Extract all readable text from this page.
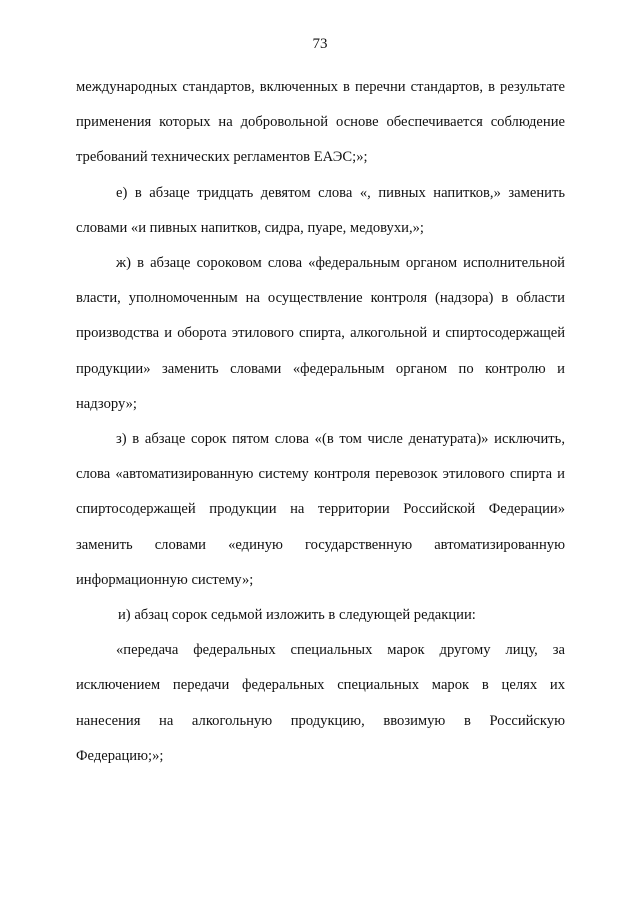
73

международных стандартов, включенных в перечни стандартов, в результате применения которых на добровольной основе обеспечивается соблюдение требований технических регламентов ЕАЭС;»;

е) в абзаце тридцать девятом слова «, пивных напитков,» заменить словами «и пивных напитков, сидра, пуаре, медовухи,»;

ж) в абзаце сороковом слова «федеральным органом исполнительной власти, уполномоченным на осуществление контроля (надзора) в области производства и оборота этилового спирта, алкогольной и спиртосодержащей продукции» заменить словами «федеральным органом по контролю и надзору»;

з) в абзаце сорок пятом слова «(в том числе денатурата)» исключить, слова «автоматизированную систему контроля перевозок этилового спирта и спиртосодержащей продукции на территории Российской Федерации» заменить словами «единую государственную автоматизированную информационную систему»;

и) абзац сорок седьмой изложить в следующей редакции:

«передача федеральных специальных марок другому лицу, за исключением передачи федеральных специальных марок в целях их нанесения на алкогольную продукцию, ввозимую в Российскую Федерацию;»;
